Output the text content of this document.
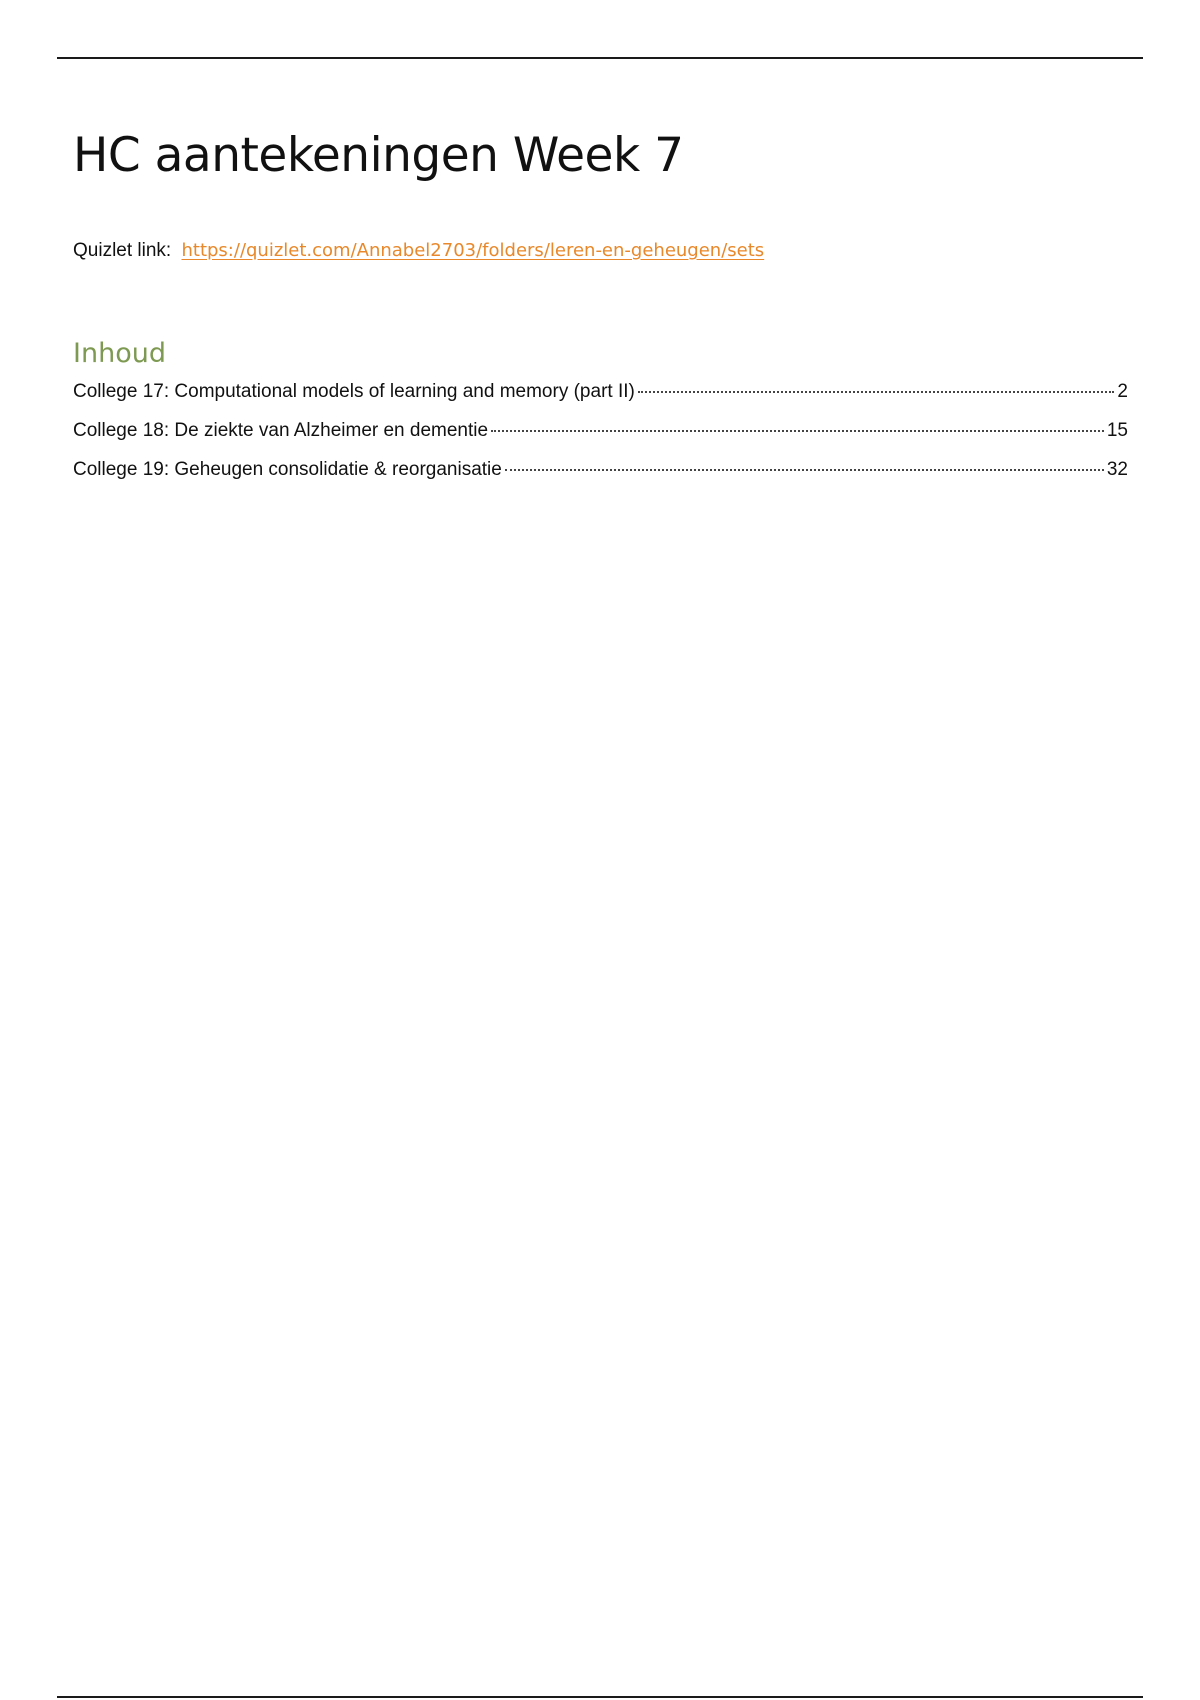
HC aantekeningen Week 7
Quizlet link: https://quizlet.com/Annabel2703/folders/leren-en-geheugen/sets
Inhoud
College 17: Computational models of learning and memory (part II)	2
College 18: De ziekte van Alzheimer en dementie	15
College 19: Geheugen consolidatie & reorganisatie	32
